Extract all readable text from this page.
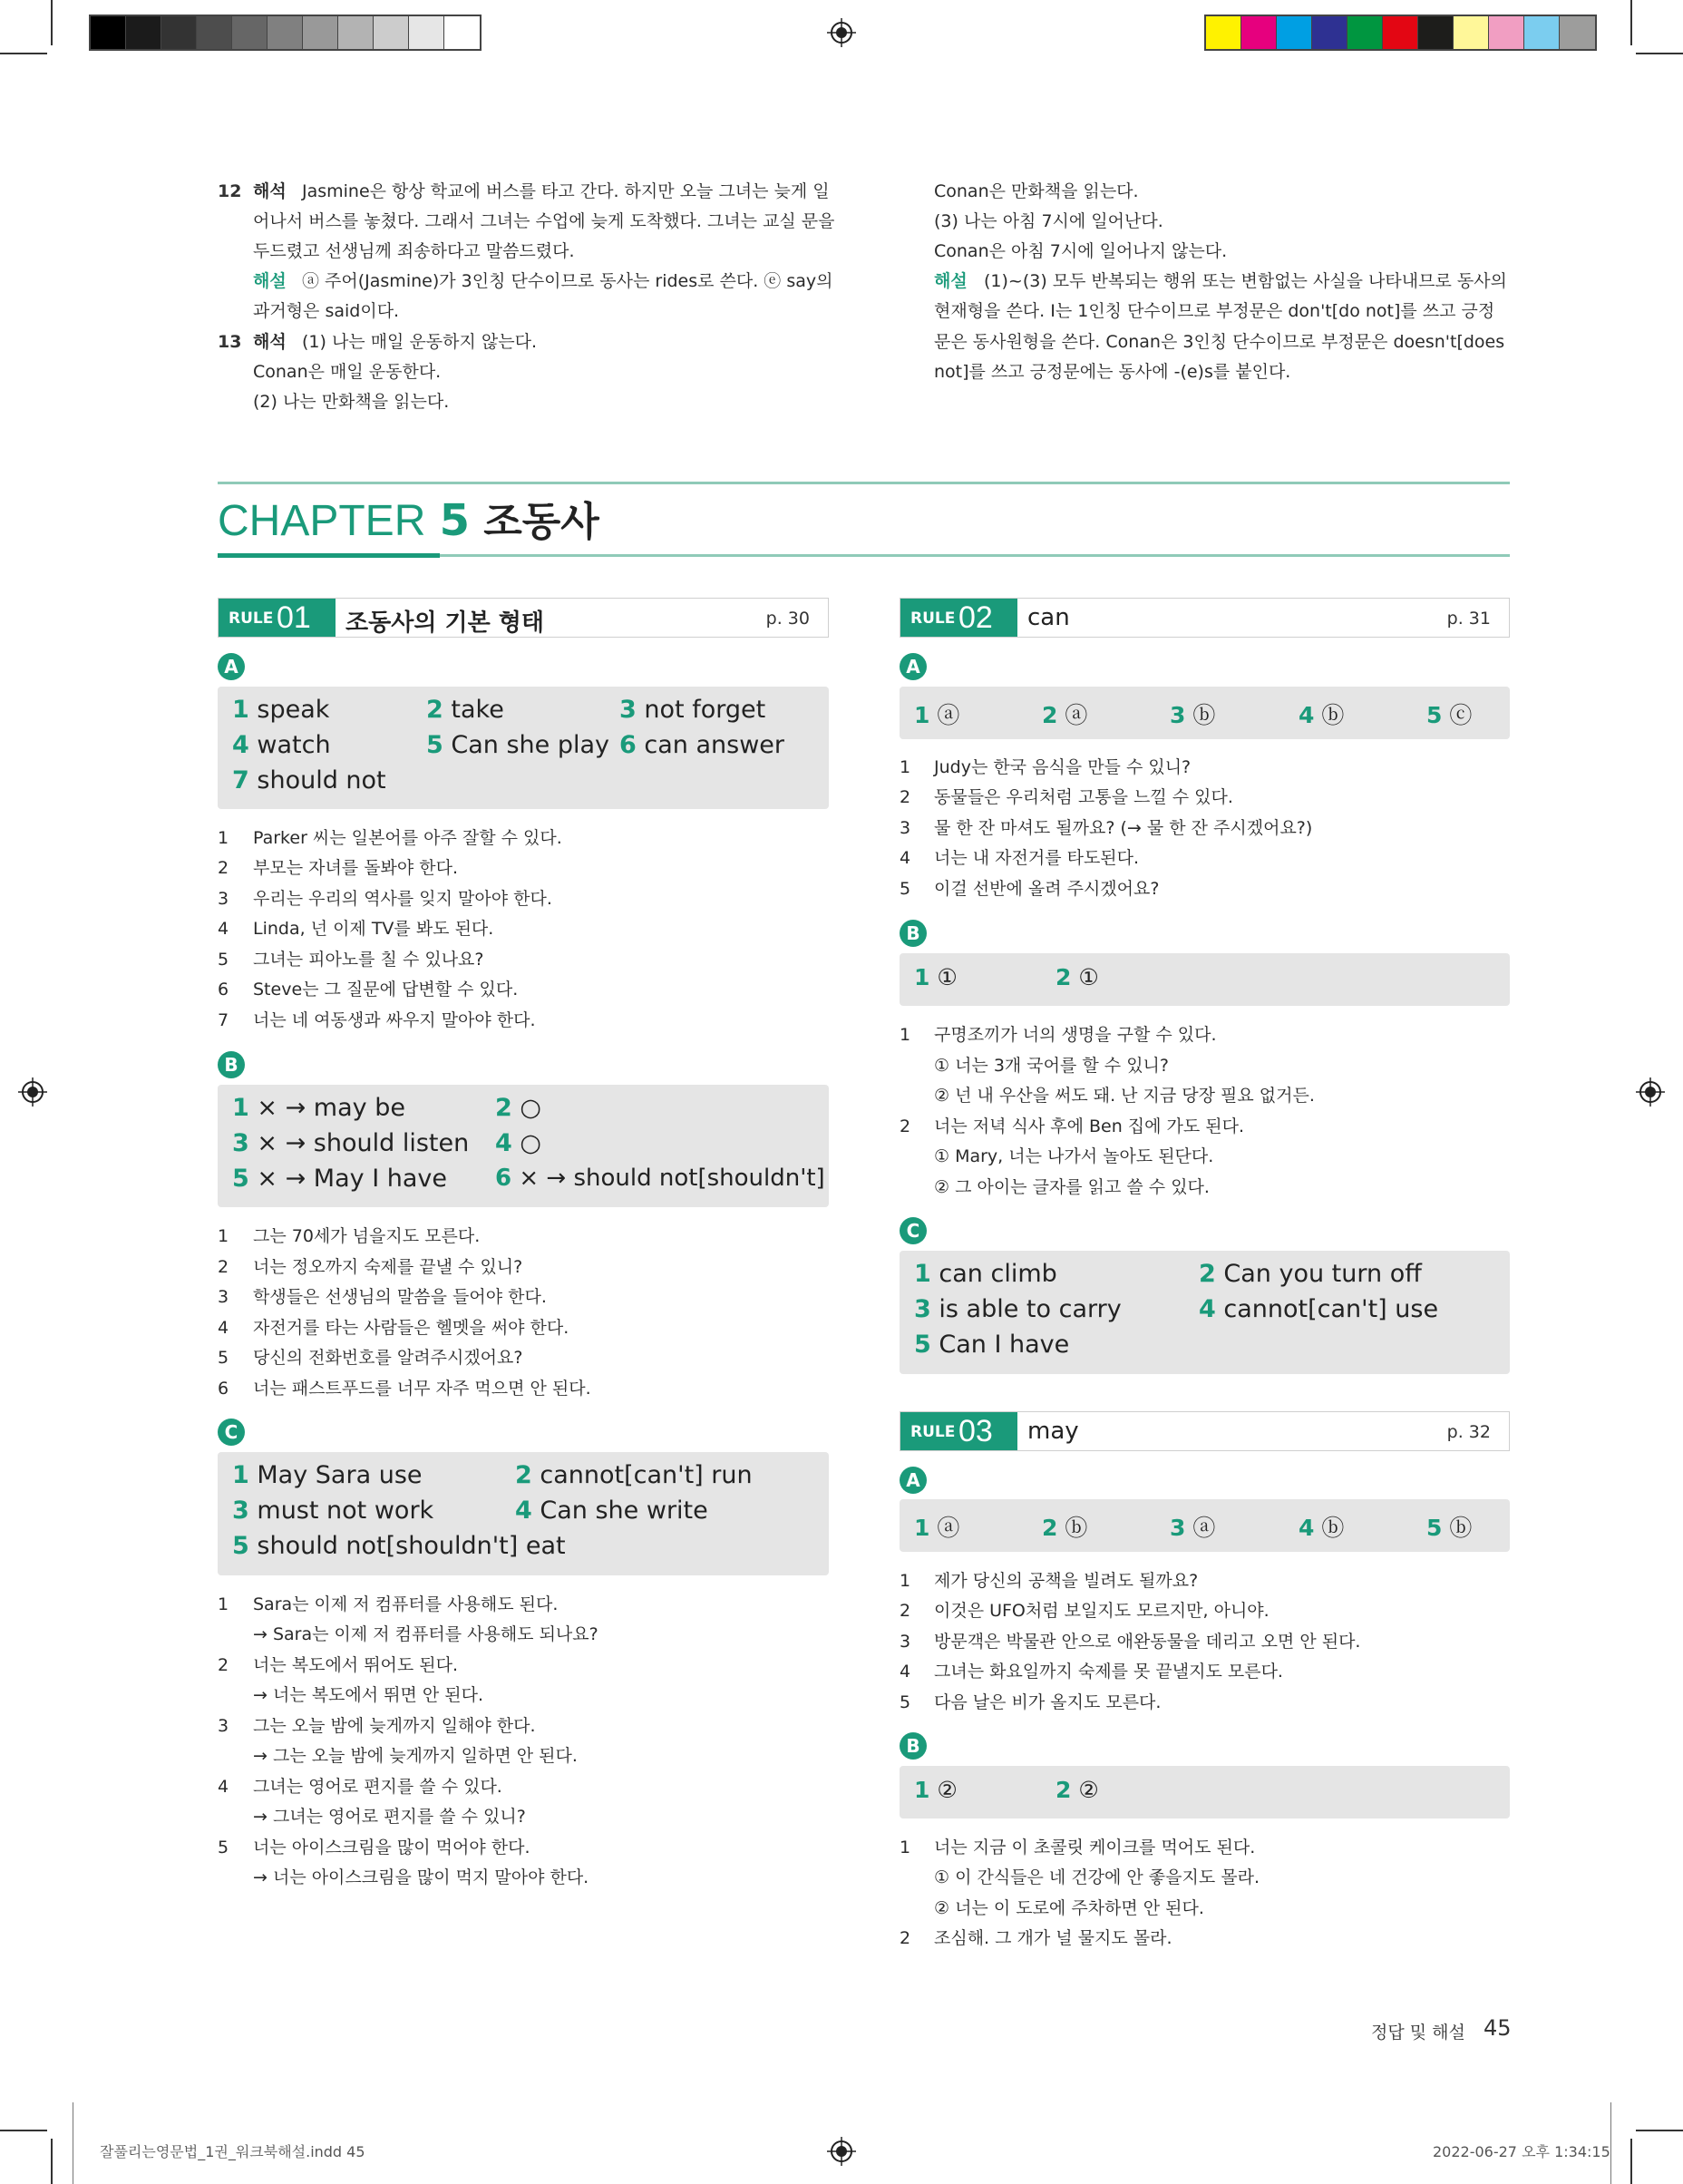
12 해석 Jasmine은 항상 학교에 버스를 타고 간다. 하지만 오늘 그녀는 늦게 일
어나서 버스를 놓쳤다. 그래서 그녀는 수업에 늦게 도착했다. 그녀는 교실 문을
두드렸고 선생님께 죄송하다고 말씀드렸다.
해설 ⓐ 주어(Jasmine)가 3인칭 단수이므로 동사는 rides로 쓴다. ⓔ say의
과거형은 said이다.
13 해석 (1) 나는 매일 운동하지 않는다.
Conan은 매일 운동한다.
(2) 나는 만화책을 읽는다.
Conan은 만화책을 읽는다.
(3) 나는 아침 7시에 일어난다.
Conan은 아침 7시에 일어나지 않는다.
해설 (1)~(3) 모두 반복되는 행위 또는 변함없는 사실을 나타내므로 동사의
현재형을 쓴다. I는 1인칭 단수이므로 부정문은 don't[do not]를 쓰고 긍정
문은 동사원형을 쓴다. Conan은 3인칭 단수이므로 부정문은 doesn't[does
not]를 쓰고 긍정문에는 동사에 -(e)s를 붙인다.
CHAPTER 5 조동사
RULE 01 조동사의 기본 형태	p. 30
A
1 speak	2 take	3 not forget
4 watch	5 Can she play 6 can answer
7 should not
1 Parker 씨는 일본어를 아주 잘할 수 있다.
2 부모는 자녀를 돌봐야 한다.
3 우리는 우리의 역사를 잊지 말아야 한다.
4 Linda, 넌 이제 TV를 봐도 된다.
5 그녀는 피아노를 칠 수 있나요?
6 Steve는 그 질문에 답변할 수 있다.
7 너는 네 여동생과 싸우지 말아야 한다.
B
1 × → may be	2 ○
3 × → should listen 4 ○
5 × → May I have 6 × → should not[shouldn't]
1 그는 70세가 넘을지도 모른다.
2 너는 정오까지 숙제를 끝낼 수 있니?
3 학생들은 선생님의 말씀을 들어야 한다.
4 자전거를 타는 사람들은 헬멧을 써야 한다.
5 당신의 전화번호를 알려주시겠어요?
6 너는 패스트푸드를 너무 자주 먹으면 안 된다.
C
1 May Sara use	2 cannot[can't] run
3 must not work	4 Can she write
5 should not[shouldn't] eat
1 Sara는 이제 저 컴퓨터를 사용해도 된다.
→ Sara는 이제 저 컴퓨터를 사용해도 되나요?
2 너는 복도에서 뛰어도 된다.
→ 너는 복도에서 뛰면 안 된다.
3 그는 오늘 밤에 늦게까지 일해야 한다.
→ 그는 오늘 밤에 늦게까지 일하면 안 된다.
4 그녀는 영어로 편지를 쓸 수 있다.
→ 그녀는 영어로 편지를 쓸 수 있니?
5 너는 아이스크림을 많이 먹어야 한다.
→ 너는 아이스크림을 많이 먹지 말아야 한다.
RULE 02 can	p. 31
A
1 ⓐ	2 ⓐ	3 ⓑ	4 ⓑ	5 ⓒ
1 Judy는 한국 음식을 만들 수 있니?
2 동물들은 우리처럼 고통을 느낄 수 있다.
3 물 한 잔 마셔도 될까요? (→ 물 한 잔 주시겠어요?)
4 너는 내 자전거를 타도된다.
5 이걸 선반에 올려 주시겠어요?
B
1 ①	2 ①
1 구명조끼가 너의 생명을 구할 수 있다.
① 너는 3개 국어를 할 수 있니?
② 넌 내 우산을 써도 돼. 난 지금 당장 필요 없거든.
2 너는 저녁 식사 후에 Ben 집에 가도 된다.
① Mary, 너는 나가서 놀아도 된단다.
② 그 아이는 글자를 읽고 쓸 수 있다.
C
1 can climb	2 Can you turn off
3 is able to carry	4 cannot[can't] use
5 Can I have
RULE 03 may	p. 32
A
1 ⓐ	2 ⓑ	3 ⓐ	4 ⓑ	5 ⓑ
1 제가 당신의 공책을 빌려도 될까요?
2 이것은 UFO처럼 보일지도 모르지만, 아니야.
3 방문객은 박물관 안으로 애완동물을 데리고 오면 안 된다.
4 그녀는 화요일까지 숙제를 못 끝낼지도 모른다.
5 다음 날은 비가 올지도 모른다.
B
1 ②	2 ②
1 너는 지금 이 초콜릿 케이크를 먹어도 된다.
① 이 간식들은 네 건강에 안 좋을지도 몰라.
② 너는 이 도로에 주차하면 안 된다.
2 조심해. 그 개가 널 물지도 몰라.
정답 및 해설 45
잘풀리는영문법_1권_워크북해설.indd 45	2022-06-27 오후 1:34:15
